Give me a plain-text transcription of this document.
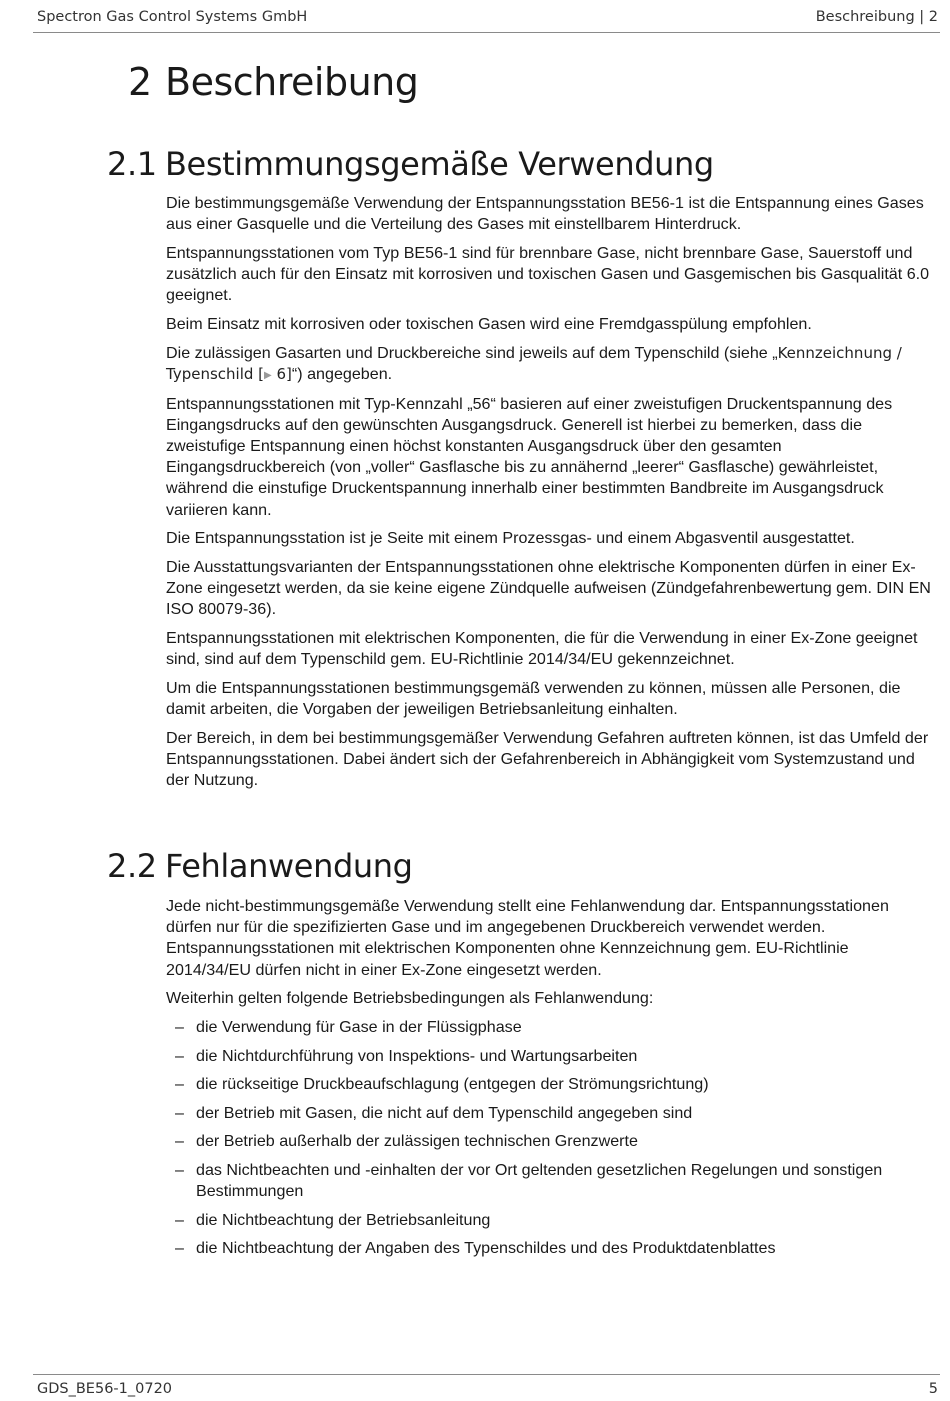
Spectron Gas Control Systems GmbH	Beschreibung | 2
2 Beschreibung
2.1 Bestimmungsgemäße Verwendung

Die bestimmungsgemäße Verwendung der Entspannungsstation BE56-1 ist die Entspannung eines Gases aus einer Gasquelle und die Verteilung des Gases mit einstellbarem Hinterdruck.

Entspannungsstationen vom Typ BE56-1 sind für brennbare Gase, nicht brennbare Gase, Sauerstoff und zusätzlich auch für den Einsatz mit korrosiven und toxischen Gasen und Gasgemischen bis Gasqualität 6.0 geeignet.

Beim Einsatz mit korrosiven oder toxischen Gasen wird eine Fremdgasspülung empfohlen.

Die zulässigen Gasarten und Druckbereiche sind jeweils auf dem Typenschild (siehe „Kennzeichnung / Typenschild [▶ 6]“) angegeben.

Entspannungsstationen mit Typ-Kennzahl „56“ basieren auf einer zweistufigen Druckentspannung des Eingangsdrucks auf den gewünschten Ausgangsdruck. Generell ist hierbei zu bemerken, dass die zweistufige Entspannung einen höchst konstanten Ausgangsdruck über den gesamten Eingangsdruckbereich (von „voller“ Gasflasche bis zu annähernd „leerer“ Gasflasche) gewährleistet, während die einstufige Druckentspannung innerhalb einer bestimmten Bandbreite im Ausgangsdruck variieren kann.

Die Entspannungsstation ist je Seite mit einem Prozessgas- und einem Abgasventil ausgestattet.

Die Ausstattungsvarianten der Entspannungsstationen ohne elektrische Komponenten dürfen in einer Ex-Zone eingesetzt werden, da sie keine eigene Zündquelle aufweisen (Zündgefahrenbewertung gem. DIN EN ISO 80079-36).

Entspannungsstationen mit elektrischen Komponenten, die für die Verwendung in einer Ex-Zone geeignet sind, sind auf dem Typenschild gem. EU-Richtlinie 2014/34/EU gekennzeichnet.

Um die Entspannungsstationen bestimmungsgemäß verwenden zu können, müssen alle Personen, die damit arbeiten, die Vorgaben der jeweiligen Betriebsanleitung einhalten.

Der Bereich, in dem bei bestimmungsgemäßer Verwendung Gefahren auftreten können, ist das Umfeld der Entspannungsstationen. Dabei ändert sich der Gefahrenbereich in Abhängigkeit vom Systemzustand und der Nutzung.

2.2 Fehlanwendung

Jede nicht-bestimmungsgemäße Verwendung stellt eine Fehlanwendung dar. Entspannungsstationen dürfen nur für die spezifizierten Gase und im angegebenen Druckbereich verwendet werden. Entspannungsstationen mit elektrischen Komponenten ohne Kennzeichnung gem. EU-Richtlinie 2014/34/EU dürfen nicht in einer Ex-Zone eingesetzt werden.

Weiterhin gelten folgende Betriebsbedingungen als Fehlanwendung:

– die Verwendung für Gase in der Flüssigphase
– die Nichtdurchführung von Inspektions- und Wartungsarbeiten
– die rückseitige Druckbeaufschlagung (entgegen der Strömungsrichtung)
– der Betrieb mit Gasen, die nicht auf dem Typenschild angegeben sind
– der Betrieb außerhalb der zulässigen technischen Grenzwerte
– das Nichtbeachten und -einhalten der vor Ort geltenden gesetzlichen Regelungen und sonstigen Bestimmungen
– die Nichtbeachtung der Betriebsanleitung
– die Nichtbeachtung der Angaben des Typenschildes und des Produktdatenblattes
GDS_BE56-1_0720	5
